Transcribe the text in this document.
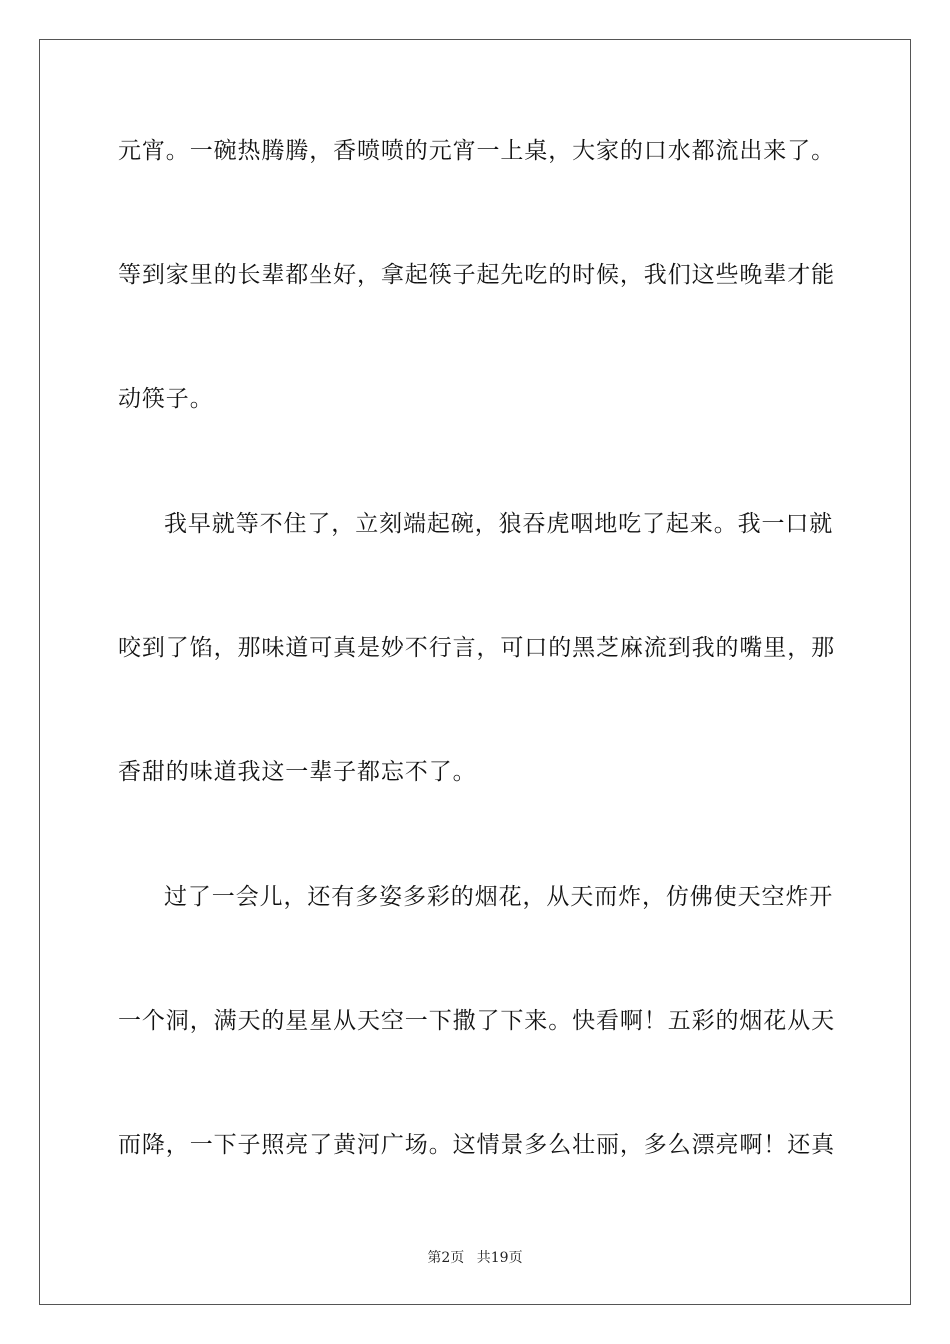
元宵。一碗热腾腾，香喷喷的元宵一上桌，大家的口水都流出来了。
等到家里的长辈都坐好，拿起筷子起先吃的时候，我们这些晚辈才能
动筷子。
我早就等不住了，立刻端起碗，狼吞虎咽地吃了起来。我一口就
咬到了馅，那味道可真是妙不行言，可口的黑芝麻流到我的嘴里，那
香甜的味道我这一辈子都忘不了。
过了一会儿，还有多姿多彩的烟花，从天而炸，仿佛使天空炸开
一个洞，满天的星星从天空一下撒了下来。快看啊！五彩的烟花从天
而降，一下子照亮了黄河广场。这情景多么壮丽，多么漂亮啊！还真
第2页 共19页
